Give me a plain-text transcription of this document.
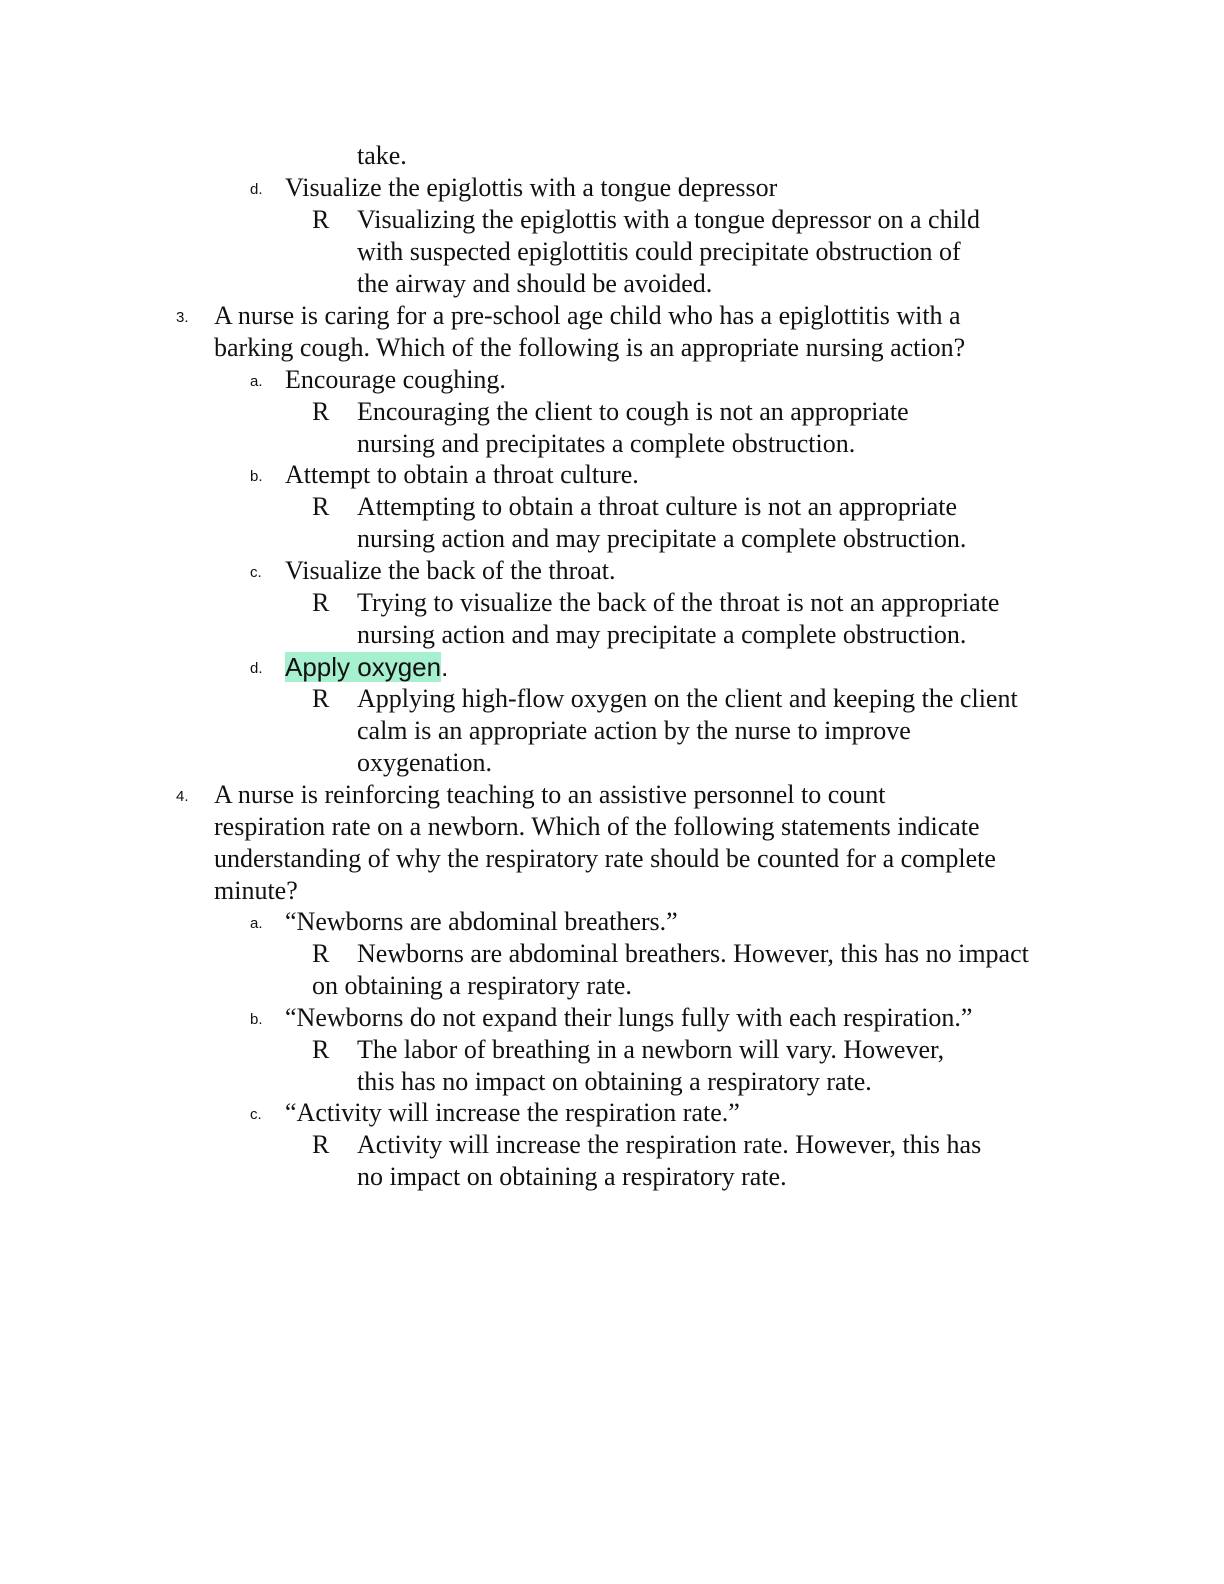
take.
d. Visualize the epiglottis with a tongue depressor
R Visualizing the epiglottis with a tongue depressor on a child
with suspected epiglottitis could precipitate obstruction of
the airway and should be avoided.
3. A nurse is caring for a pre-school age child who has a epiglottitis with a
barking cough. Which of the following is an appropriate nursing action?
a. Encourage coughing.
R Encouraging the client to cough is not an appropriate
nursing and precipitates a complete obstruction.
b. Attempt to obtain a throat culture.
R Attempting to obtain a throat culture is not an appropriate
nursing action and may precipitate a complete obstruction.
c. Visualize the back of the throat.
R Trying to visualize the back of the throat is not an appropriate
nursing action and may precipitate a complete obstruction.
d. Apply oxygen.
R Applying high-flow oxygen on the client and keeping the client
calm is an appropriate action by the nurse to improve
oxygenation.
4. A nurse is reinforcing teaching to an assistive personnel to count
respiration rate on a newborn. Which of the following statements indicate
understanding of why the respiratory rate should be counted for a complete
minute?
a. “Newborns are abdominal breathers.”
R Newborns are abdominal breathers. However, this has no impact
on obtaining a respiratory rate.
b. “Newborns do not expand their lungs fully with each respiration.”
R The labor of breathing in a newborn will vary. However,
this has no impact on obtaining a respiratory rate.
c. “Activity will increase the respiration rate.”
R Activity will increase the respiration rate. However, this has
no impact on obtaining a respiratory rate.
